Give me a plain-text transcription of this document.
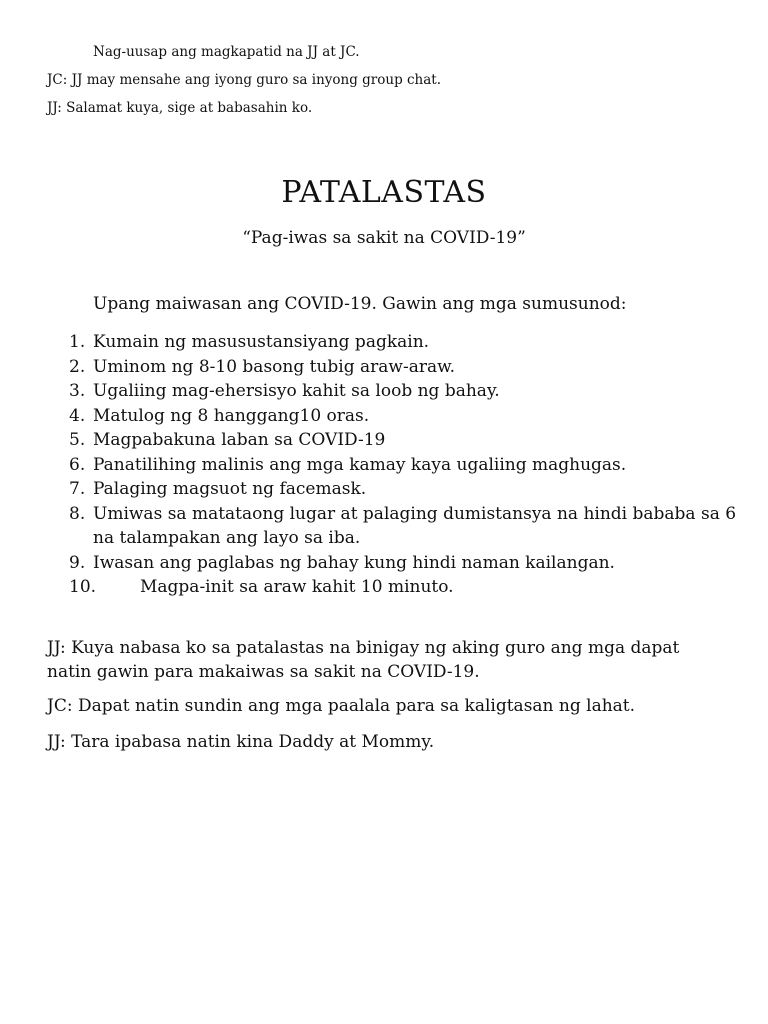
Nag-uusap ang magkapatid na JJ at JC.
JC: JJ may mensahe ang iyong guro sa inyong group chat.
JJ: Salamat kuya, sige at babasahin ko.
PATALASTAS
“Pag-iwas sa sakit na COVID-19”
Upang maiwasan ang COVID-19. Gawin ang mga sumusunod:
1. Kumain ng masusustansiyang pagkain.
2. Uminom ng 8-10 basong tubig araw-araw.
3. Ugaliing mag-ehersisyo kahit sa loob ng bahay.
4. Matulog ng 8 hanggang10 oras.
5. Magpabakuna laban sa COVID-19
6. Panatilihing malinis ang mga kamay kaya ugaliing maghugas.
7. Palaging magsuot ng facemask.
8. Umiwas sa matataong lugar at palaging dumistansya na hindi bababa sa 6 na talampakan ang layo sa iba.
9. Iwasan ang paglabas ng bahay kung hindi naman kailangan.
10.	Magpa-init sa araw kahit 10 minuto.
JJ: Kuya nabasa ko sa patalastas na binigay ng aking guro ang mga dapat natin gawin para makaiwas sa sakit na COVID-19.
JC: Dapat natin sundin ang mga paalala para sa kaligtasan ng lahat.
JJ: Tara ipabasa natin kina Daddy at Mommy.
